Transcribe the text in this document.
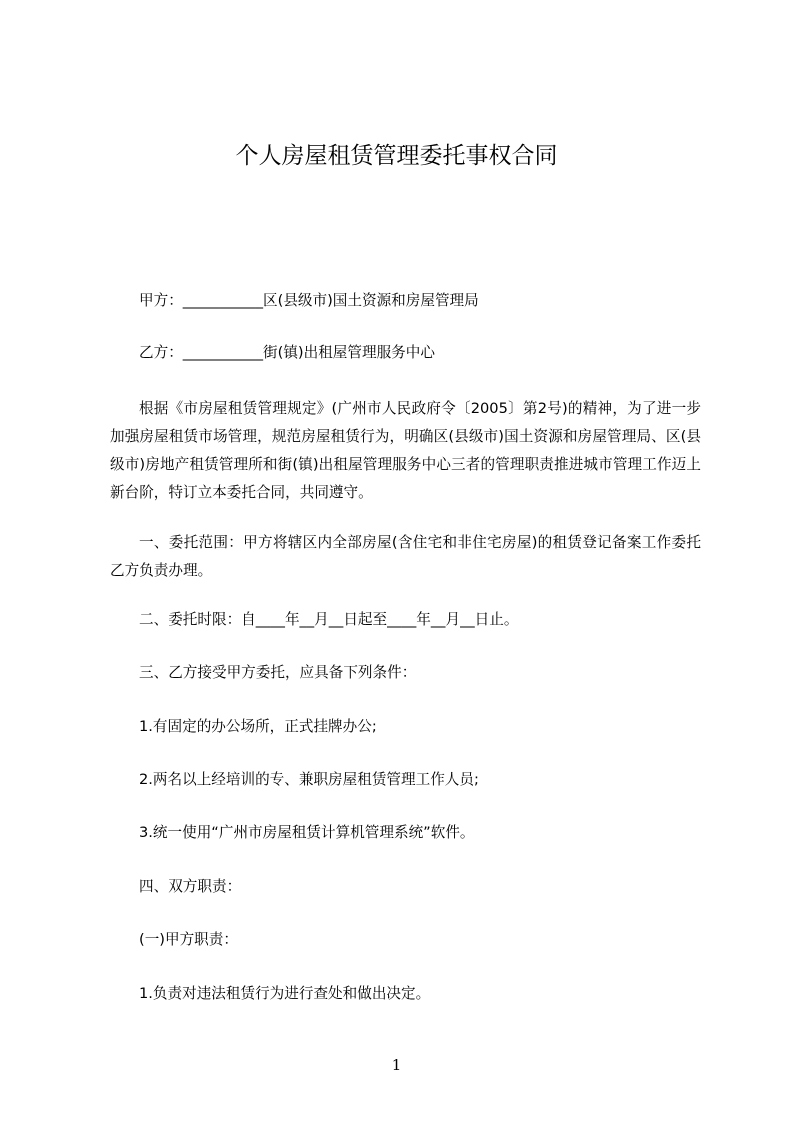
个人房屋租赁管理委托事权合同
甲方：___________区(县级市)国土资源和房屋管理局
乙方：___________街(镇)出租屋管理服务中心
根据《市房屋租赁管理规定》(广州市人民政府令〔2005〕第2号)的精神，为了进一步加强房屋租赁市场管理，规范房屋租赁行为，明确区(县级市)国土资源和房屋管理局、区(县级市)房地产租赁管理所和街(镇)出租屋管理服务中心三者的管理职责推进城市管理工作迈上新台阶，特订立本委托合同，共同遵守。
一、委托范围：甲方将辖区内全部房屋(含住宅和非住宅房屋)的租赁登记备案工作委托乙方负责办理。
二、委托时限：自____年__月__日起至____年__月__日止。
三、乙方接受甲方委托，应具备下列条件：
1.有固定的办公场所，正式挂牌办公;
2.两名以上经培训的专、兼职房屋租赁管理工作人员;
3.统一使用“广州市房屋租赁计算机管理系统”软件。
四、双方职责：
(一)甲方职责：
1.负责对违法租赁行为进行查处和做出决定。
1
